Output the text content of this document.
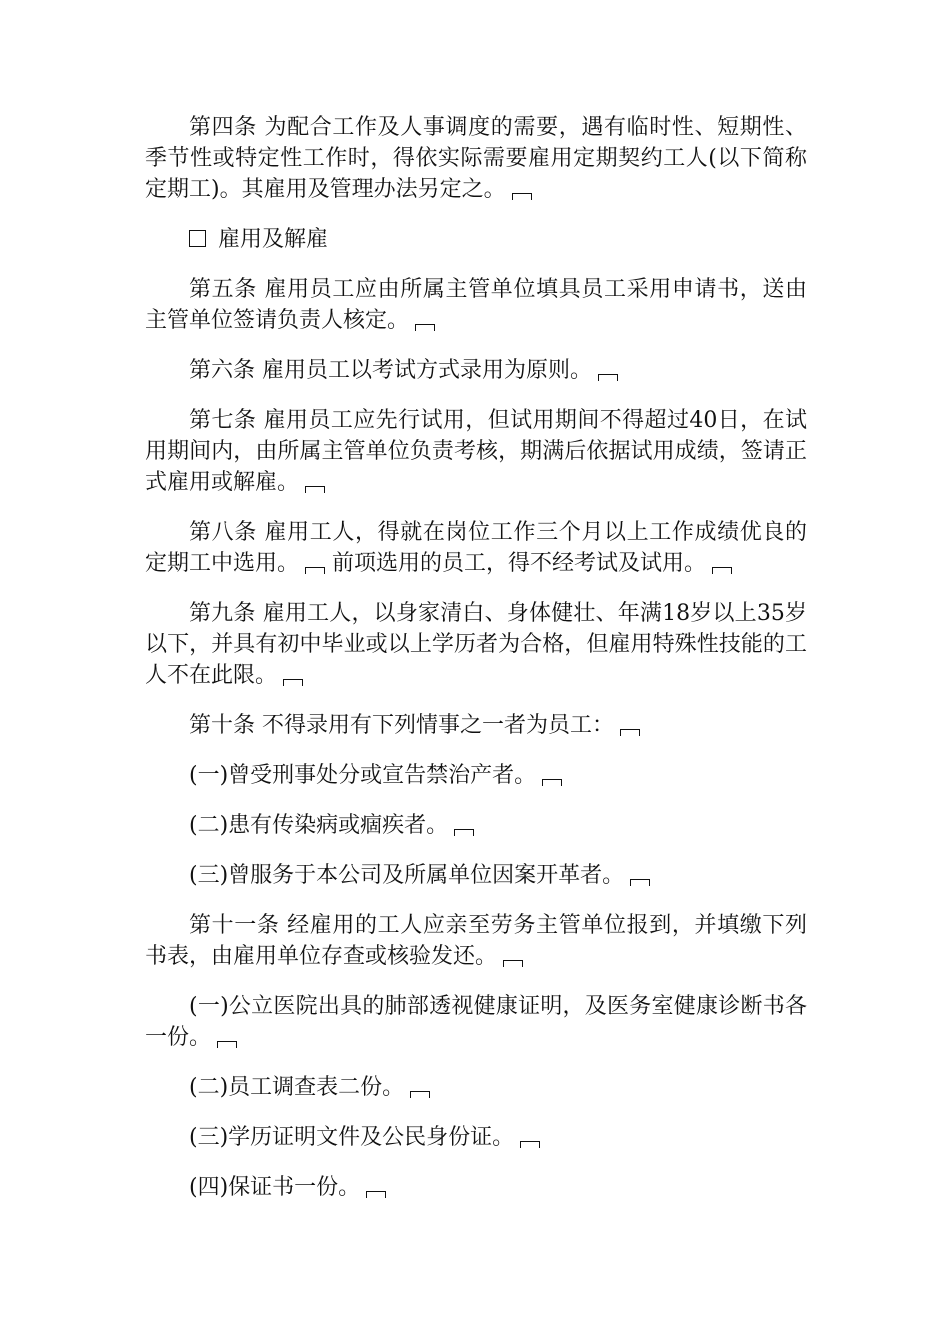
第四条 为配合工作及人事调度的需要，遇有临时性、短期性、季节性或特定性工作时，得依实际需要雇用定期契约工人(以下简称定期工)。其雇用及管理办法另定之。

雇用及解雇

第五条 雇用员工应由所属主管单位填具员工采用申请书，送由主管单位签请负责人核定。

第六条 雇用员工以考试方式录用为原则。

第七条 雇用员工应先行试用，但试用期间不得超过40日，在试用期间内，由所属主管单位负责考核，期满后依据试用成绩，签请正式雇用或解雇。

第八条 雇用工人，得就在岗位工作三个月以上工作成绩优良的定期工中选用。 前项选用的员工，得不经考试及试用。

第九条 雇用工人，以身家清白、身体健壮、年满18岁以上35岁以下，并具有初中毕业或以上学历者为合格，但雇用特殊性技能的工人不在此限。

第十条 不得录用有下列情事之一者为员工：

(一)曾受刑事处分或宣告禁治产者。

(二)患有传染病或痼疾者。

(三)曾服务于本公司及所属单位因案开革者。

第十一条 经雇用的工人应亲至劳务主管单位报到，并填缴下列书表，由雇用单位存查或核验发还。

(一)公立医院出具的肺部透视健康证明，及医务室健康诊断书各一份。

(二)员工调查表二份。

(三)学历证明文件及公民身份证。

(四)保证书一份。
